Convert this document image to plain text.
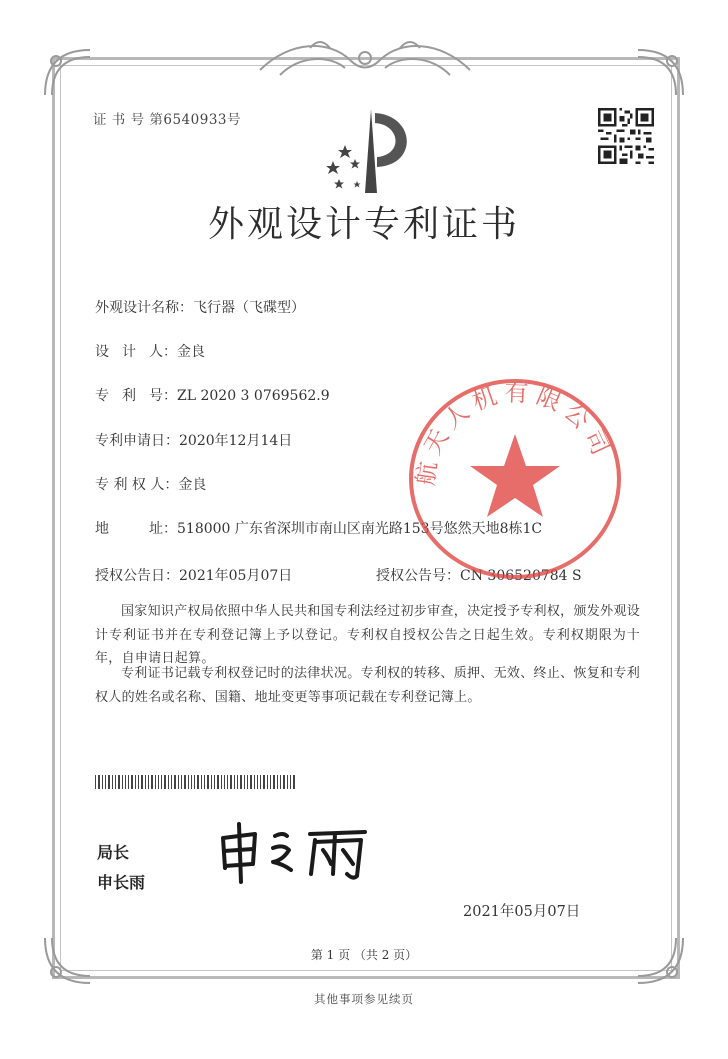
证 书 号 第6540933号
外观设计专利证书
外观设计名称：飞行器（飞碟型）
设 计 人： 金良
专 利 号： ZL 2020 3 0769562.9
专利申请日：2020年12月14日
专 利 权 人：金良
地	址： 518000 广东省深圳市南山区南光路153号悠然天地8栋1C
授权公告日：2021年05月07日	授权公告号：CN 306520784 S
国家知识产权局依照中华人民共和国专利法经过初步审查，决定授予专利权，颁发外观设计专利证书并在专利登记簿上予以登记。专利权自授权公告之日起生效。专利权期限为十年，自申请日起算。
专利证书记载专利权登记时的法律状况。专利权的转移、质押、无效、终止、恢复和专利权人的姓名或名称、国籍、地址变更等事项记载在专利登记簿上。
航天人机有限公司
局长
申长雨
2021年05月07日
第 1 页 （共 2 页）
其他事项参见续页
